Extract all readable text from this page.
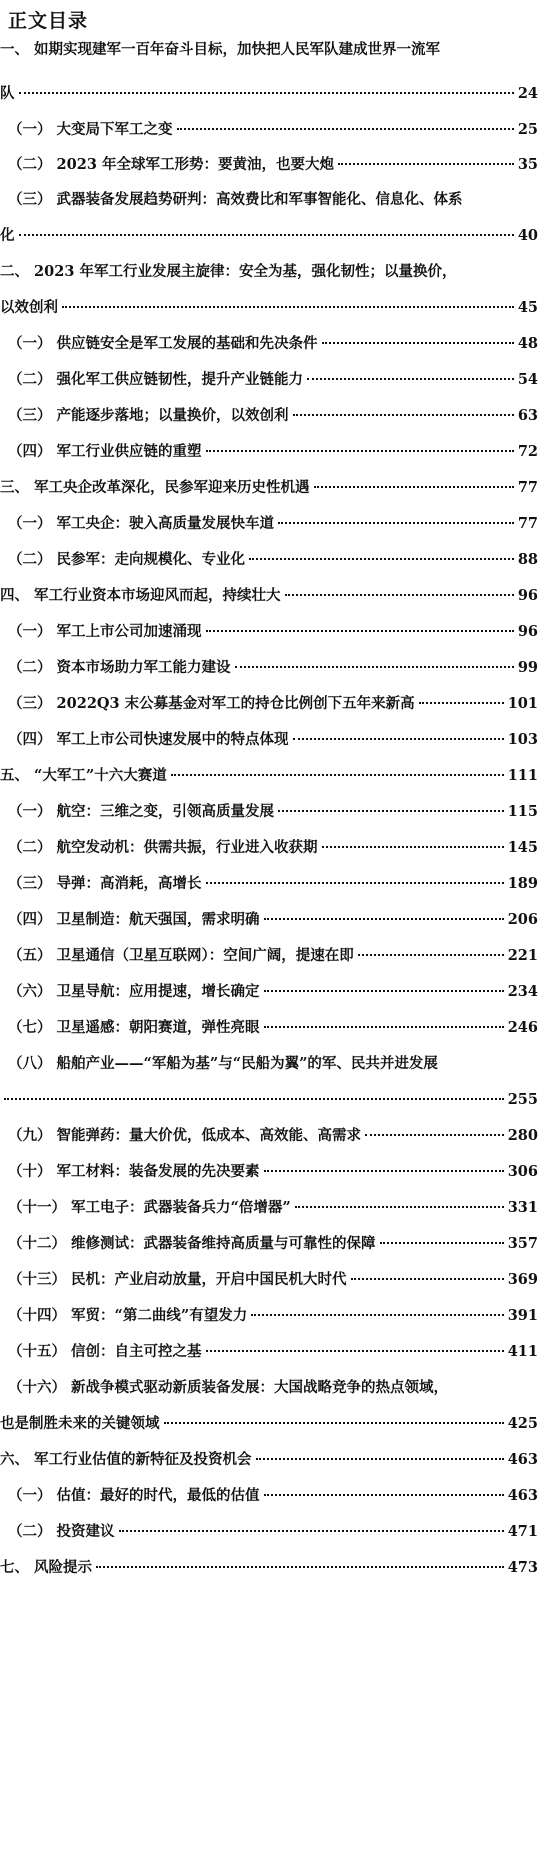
正文目录
一、 如期实现建军一百年奋斗目标，加快把人民军队建成世界一流军
队	24
（一） 大变局下军工之变	25
（二） 2023 年全球军工形势：要黄油，也要大炮	35
（三） 武器装备发展趋势研判：高效费比和军事智能化、信息化、体系
化	40
二、 2023 年军工行业发展主旋律：安全为基，强化韧性；以量换价，
以效创利	45
（一） 供应链安全是军工发展的基础和先决条件	48
（二） 强化军工供应链韧性，提升产业链能力	54
（三） 产能逐步落地；以量换价，以效创利	63
（四） 军工行业供应链的重塑	72
三、 军工央企改革深化，民参军迎来历史性机遇	77
（一） 军工央企：驶入高质量发展快车道	77
（二） 民参军：走向规模化、专业化	88
四、 军工行业资本市场迎风而起，持续壮大	96
（一） 军工上市公司加速涌现	96
（二） 资本市场助力军工能力建设	99
（三） 2022Q3 末公募基金对军工的持仓比例创下五年来新高	101
（四） 军工上市公司快速发展中的特点体现	103
五、 “大军工”十六大赛道	111
（一） 航空：三维之变，引领高质量发展	115
（二） 航空发动机：供需共振，行业进入收获期	145
（三） 导弹：高消耗，高增长	189
（四） 卫星制造：航天强国，需求明确	206
（五） 卫星通信（卫星互联网）：空间广阔，提速在即	221
（六） 卫星导航：应用提速，增长确定	234
（七） 卫星遥感：朝阳赛道，弹性亮眼	246
（八） 船舶产业——“军船为基”与“民船为翼”的军、民共并进发展
255
（九） 智能弹药：量大价优，低成本、高效能、高需求	280
（十） 军工材料：装备发展的先决要素	306
（十一） 军工电子：武器装备兵力“倍增器”	331
（十二） 维修测试：武器装备维持高质量与可靠性的保障	357
（十三） 民机：产业启动放量，开启中国民机大时代	369
（十四） 军贸：“第二曲线”有望发力	391
（十五） 信创：自主可控之基	411
（十六） 新战争模式驱动新质装备发展：大国战略竞争的热点领域，
也是制胜未来的关键领域	425
六、 军工行业估值的新特征及投资机会	463
（一） 估值：最好的时代，最低的估值	463
（二） 投资建议	471
七、 风险提示	473
